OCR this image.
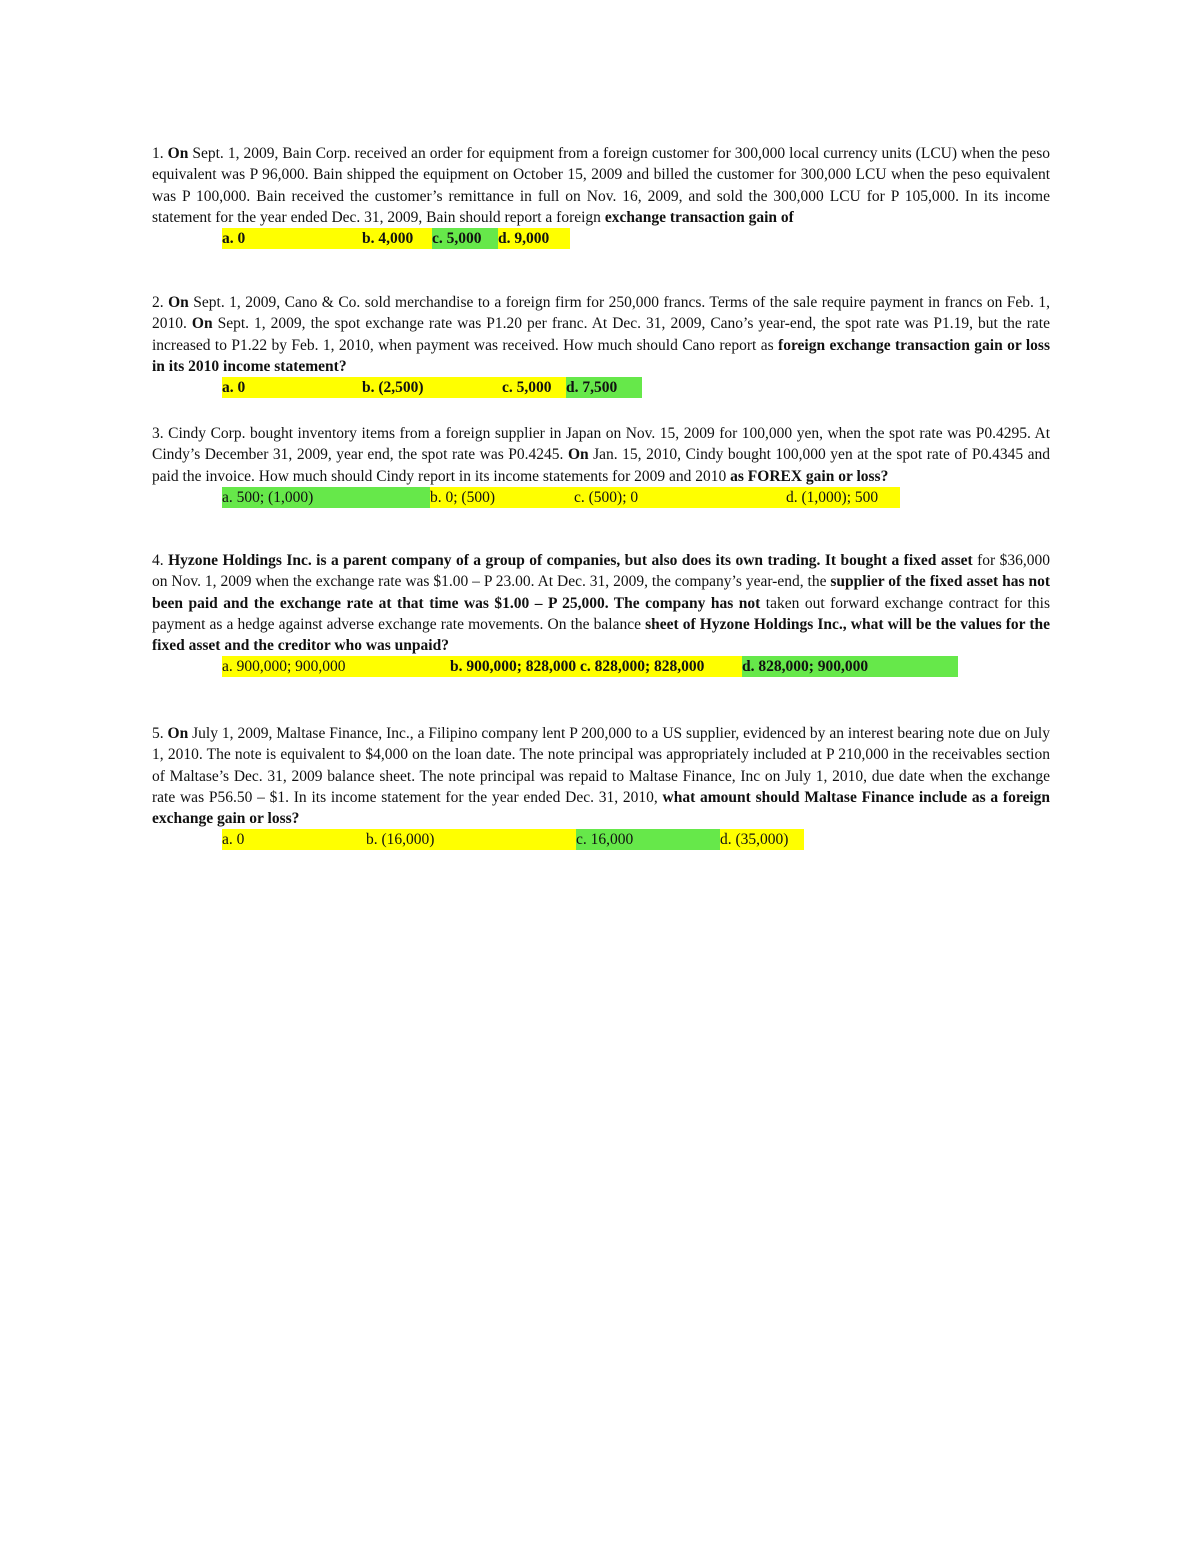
1. On Sept. 1, 2009, Bain Corp. received an order for equipment from a foreign customer for 300,000 local currency units (LCU) when the peso equivalent was P 96,000. Bain shipped the equipment on October 15, 2009 and billed the customer for 300,000 LCU when the peso equivalent was P 100,000. Bain received the customer’s remittance in full on Nov. 16, 2009, and sold the 300,000 LCU for P 105,000. In its income statement for the year ended Dec. 31, 2009, Bain should report a foreign exchange transaction gain of
a. 0	b. 4,000	c. 5,000	d. 9,000
2. On Sept. 1, 2009, Cano & Co. sold merchandise to a foreign firm for 250,000 francs. Terms of the sale require payment in francs on Feb. 1, 2010. On Sept. 1, 2009, the spot exchange rate was P1.20 per franc. At Dec. 31, 2009, Cano’s year-end, the spot rate was P1.19, but the rate increased to P1.22 by Feb. 1, 2010, when payment was received. How much should Cano report as foreign exchange transaction gain or loss in its 2010 income statement?
a. 0	b. (2,500)	c. 5,000 d. 7,500
3. Cindy Corp. bought inventory items from a foreign supplier in Japan on Nov. 15, 2009 for 100,000 yen, when the spot rate was P0.4295. At Cindy’s December 31, 2009, year end, the spot rate was P0.4245. On Jan. 15, 2010, Cindy bought 100,000 yen at the spot rate of P0.4345 and paid the invoice. How much should Cindy report in its income statements for 2009 and 2010 as FOREX gain or loss?
a. 500; (1,000)	b. 0; (500)	c. (500); 0	d. (1,000); 500
4. Hyzone Holdings Inc. is a parent company of a group of companies, but also does its own trading. It bought a fixed asset for $36,000 on Nov. 1, 2009 when the exchange rate was $1.00 – P 23.00. At Dec. 31, 2009, the company’s year-end, the supplier of the fixed asset has not been paid and the exchange rate at that time was $1.00 – P 25,000. The company has not taken out forward exchange contract for this payment as a hedge against adverse exchange rate movements. On the balance sheet of Hyzone Holdings Inc., what will be the values for the fixed asset and the creditor who was unpaid?
a. 900,000; 900,000	b. 900,000; 828,000 c. 828,000; 828,000	d. 828,000; 900,000
5. On July 1, 2009, Maltase Finance, Inc., a Filipino company lent P 200,000 to a US supplier, evidenced by an interest bearing note due on July 1, 2010. The note is equivalent to $4,000 on the loan date. The note principal was appropriately included at P 210,000 in the receivables section of Maltase’s Dec. 31, 2009 balance sheet. The note principal was repaid to Maltase Finance, Inc on July 1, 2010, due date when the exchange rate was P56.50 – $1. In its income statement for the year ended Dec. 31, 2010, what amount should Maltase Finance include as a foreign exchange gain or loss?
a. 0	b. (16,000)	c. 16,000	d. (35,000)
